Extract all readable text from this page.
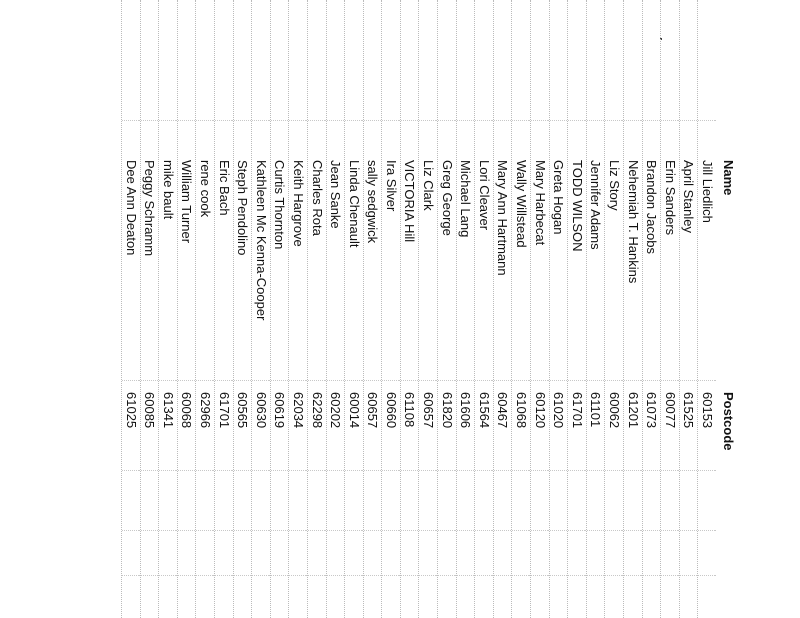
Name
Postcode
Jill Liedlich
60153
April Stanley
61525
Erin Sanders
60077
Brandon Jacobs
61073
Nehemiah T. Hankins
61201
Liz Story
60062
Jennifer Adams
61101
TODD WILSON
61701
Greta Hogan
61020
Mary Harbecat
60120
Wally Willstead
61068
Mary Ann Hartmann
60467
Lori Cleaver
61564
Michael Lang
61606
Greg George
61820
Liz Clark
60657
VICTORIA Hill
61108
Ira Silver
60660
sally sedgwick
60657
Linda Chenault
60014
Jean Sanke
60202
Charles Rota
62298
Keith Hargrove
62034
Curtis Thornton
60619
Kathleen Mc Kenna-Cooper
60630
Steph Pendolino
60565
Eric Bach
61701
rene cook
62966
William Turner
60068
mike bault
61341
Peggy Schramm
60085
Dee Ann Deaton
61025
